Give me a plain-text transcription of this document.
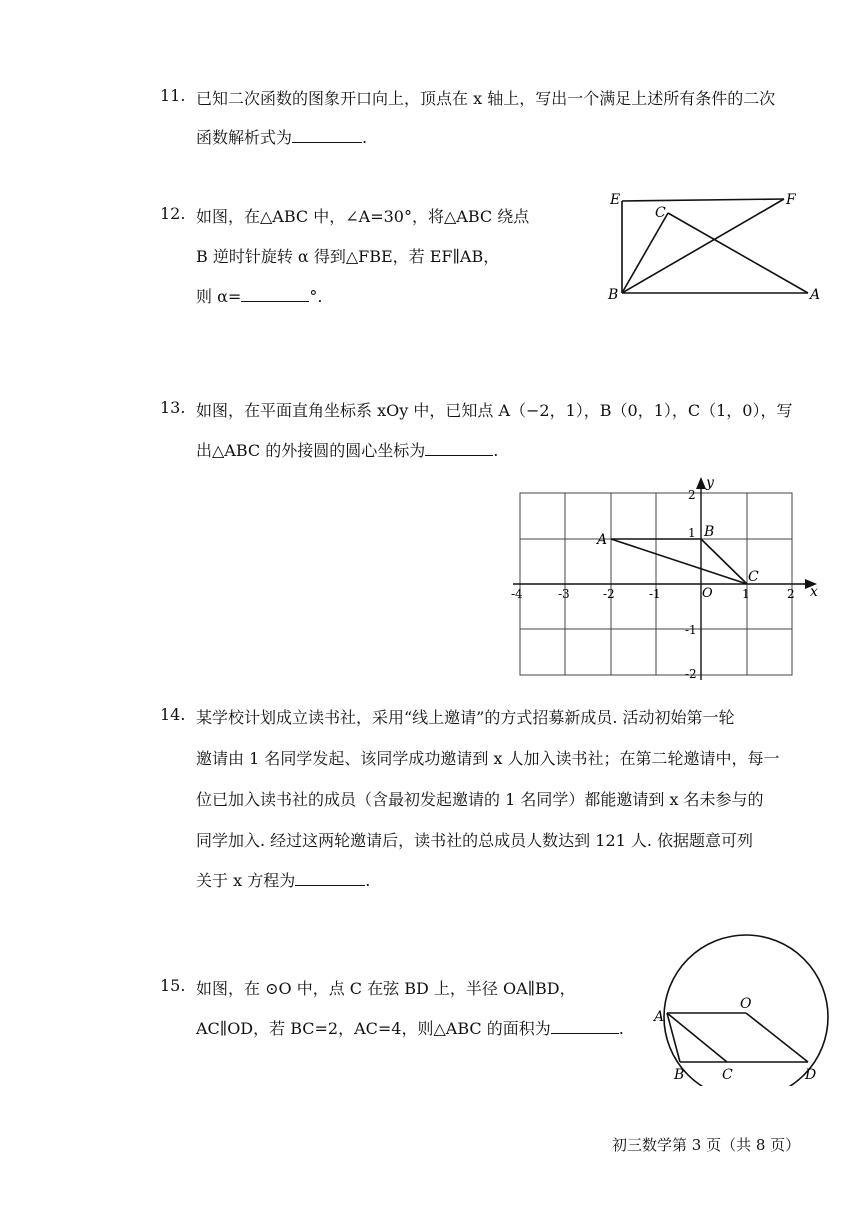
11. 已知二次函数的图象开口向上，顶点在 x 轴上，写出一个满足上述所有条件的二次
函数解析式为	.
12. 如图，在△ABC 中，∠A=30°，将△ABC 绕点
B 逆时针旋转 α 得到△FBE，若 EF∥AB，
则 α=	°.
E	F
C
B	A
13. 如图，在平面直角坐标系 xOy 中，已知点 A（−2，1），B（0，1），C（1，0），写
出△ABC 的外接圆的圆心坐标为	.
-4	-3	-2	-1	1	2
2
1
-1
-2
A	B
C
O	x
y
14. 某学校计划成立读书社，采用“线上邀请”的方式招募新成员. 活动初始第一轮
邀请由 1 名同学发起、该同学成功邀请到 x 人加入读书社；在第二轮邀请中，每一
位已加入读书社的成员（含最初发起邀请的 1 名同学）都能邀请到 x 名未参与的
同学加入. 经过这两轮邀请后，读书社的总成员人数达到 121 人. 依据题意可列
关于 x 方程为	.
15. 如图，在 ⊙O 中，点 C 在弦 BD 上，半径 OA∥BD，
AC∥OD，若 BC=2，AC=4，则△ABC 的面积为	.
O
A
B	C	D
初三数学第 3 页（共 8 页）
